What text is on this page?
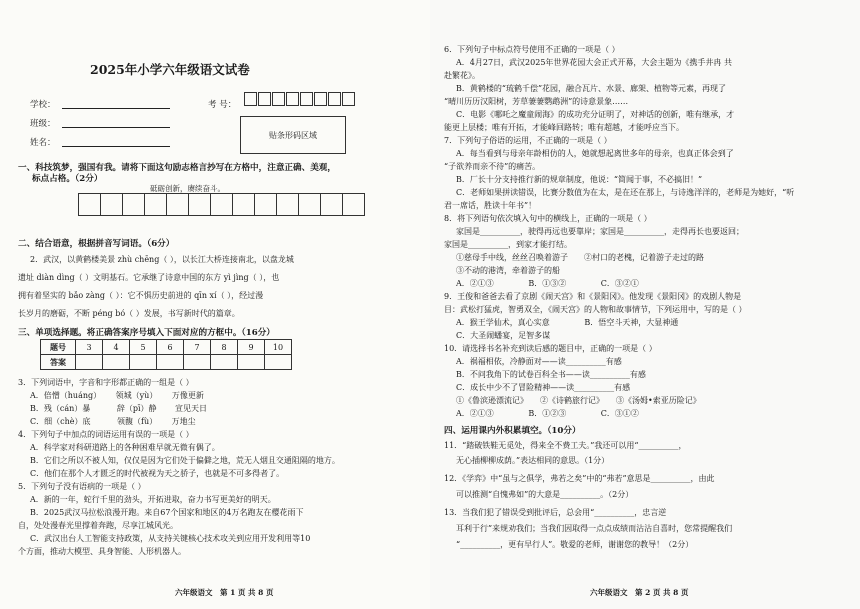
2025年小学六年级语文试卷
学校：	考 号：
班级：
姓名：
贴条形码区域
一、科技筑梦，强国有我。请将下面这句励志格言抄写在方格中，注意正确、美观，
标点占格。（2分）
砥砺创新，赓续奋斗。
二、结合语意，根据拼音写词语。（6分）
2．武汉，以黄鹤楼美景 zhù chēng（ ），以长江大桥连接南北，以盘龙城
遗址 diàn dìng（ ）文明基石。它承继了诗意中国的东方 yì jìng（ ），也
拥有着坚实的 bǎo zàng（ ）：它不惧历史前进的 qīn xí（ ），经过漫
长岁月的磨砺，不断 péng bó（ ）发展，书写新时代的篇章。
三、单项选择题。将正确答案序号填入下面对应的方框中。（16分）
题号	3	4	5	6	7	8	9	10
答案								
3．下列词语中，字音和字形都正确的一组是（ ）
A．倍憎（huáng）　　 领城（yù）　　 万像更新
B．残（cán）暴　　　 辞（pī）静　　 宣见天日
C．细（chè）底　　　 领馥（fù）　　 万地尘
4．下列句子中加点的词语运用有误的一项是（ ）
A．科学家对科研道路上的各种困难早就无微有偶了。
B．它们之所以不被人知，仅仅是因为它们处于偏僻之地，荒无人烟且交通阻隔的地方。
C．他们在那个人才匮乏的时代被视为天之骄子，也就是不可多得者了。
5．下列句子没有语病的一项是（ ）
A．新的一年，蛇行千里的劲头，开拓进取，奋力书写更美好的明天。
B．2025武汉马拉松浪漫开跑。来自67个国家和地区的4万名跑友在樱花雨下
自，处处漫春光里撑着奔跑，尽享江城风光。
C．武汉出台人工智能支持政策，从支持关键核心技术攻关到应用开发利用等10
个方面，推动大模型、具身智能、人形机器人。
六年级语文　第 1 页 共 8 页
6．下列句子中标点符号使用不正确的一项是（ ）
A．4月27日，武汉2025年世界花园大会正式开幕，大会主题为《携手井冉 共
赴繁花》。
B．黄鹤楼的“琉鹤千偿”花园，融合瓦片、水景、廊架、植物等元素，再现了
“晴川历历汉阳树，芳草萋萋鹦鹉洲”的诗意景象……
C．电影《哪吒之魔童闹海》的成功充分证明了，对神话的创新，唯有继承，才
能更上层楼；唯有开拓，才能峰回路转；唯有超越，才能呼应当下。
7．下列句子俗语的运用，不正确的一项是（ ）
A．每当看到与母亲年龄相仿的人，她就想起离世多年的母亲，也真正体会到了
“子欲养而亲不待”的痛苦。
B．厂长十分支持推行新的规章制度，他说：“简闻于事，不必搞旧！”
C．老师如果拼读错误，比赛分数值为在太，是在还在那上，与诗逸洋洋的，老师是为她好，“听
君一席话，胜读十年书”！
8．将下列语句依次填入句中的横线上，正确的一项是（ ）
家国是__________，驶得再远也要靠岸；家国是__________，走得再长也要返回；
家国是__________，到家才能打结。
①慈母手中线，丝丝召唤着游子　　②村口的老槐，记着游子走过的路
③不动的港湾，牵着游子的船
A．②①③　　　　 B．①③②　　　　 C．③②①
9．王俊和爸爸去看了京剧《闹天宫》和《景阳冈》。他发现《景阳冈》的戏剧人物是
目：武松打猛虎，智勇双全，《闹天宫》的人物和故事情节，下列运用中，写的是（ ）
A．猴王学仙术，真心实意　　　　 B．悟空斗天神，大显神通
C．大圣闹蟠宴，足智多谋
10．请选择书名补充到读后感的题目中，正确的一项是（ ）
A．祸福相依，冷静面对——读__________有感
B．不问我角下的试卷百科全书——读__________有感
C．成长中少不了冒险精神——读__________有感
①《鲁滨逊漂流记》　　②《诗鹤旅行记》　　③《汤姆•索亚历险记》
A．②①③　　　　 B．①②③　　　　 C．③①②
四、运用课内外积累填空。（10分）
11．“踏破铁鞋无觅处，得来全不费工夫。”我还可以用“__________，
无心插柳柳成荫。”表达相同的意思。（1分）
12．《学弈》中“虽与之俱学，弗若之矣”中的“弗若”意思是__________，由此
可以推测“自愧弗如”的大意是__________。（2分）
13．当我们犯了错误受到批评后，总会用“__________，忠言逆
耳利于行”来规劝我们；当我们因取得一点点成绩而沾沾自喜时，您常提醒我们
“__________，更有早行人”。敬爱的老师，谢谢您的教导！（2分）
六年级语文　第 2 页 共 8 页
